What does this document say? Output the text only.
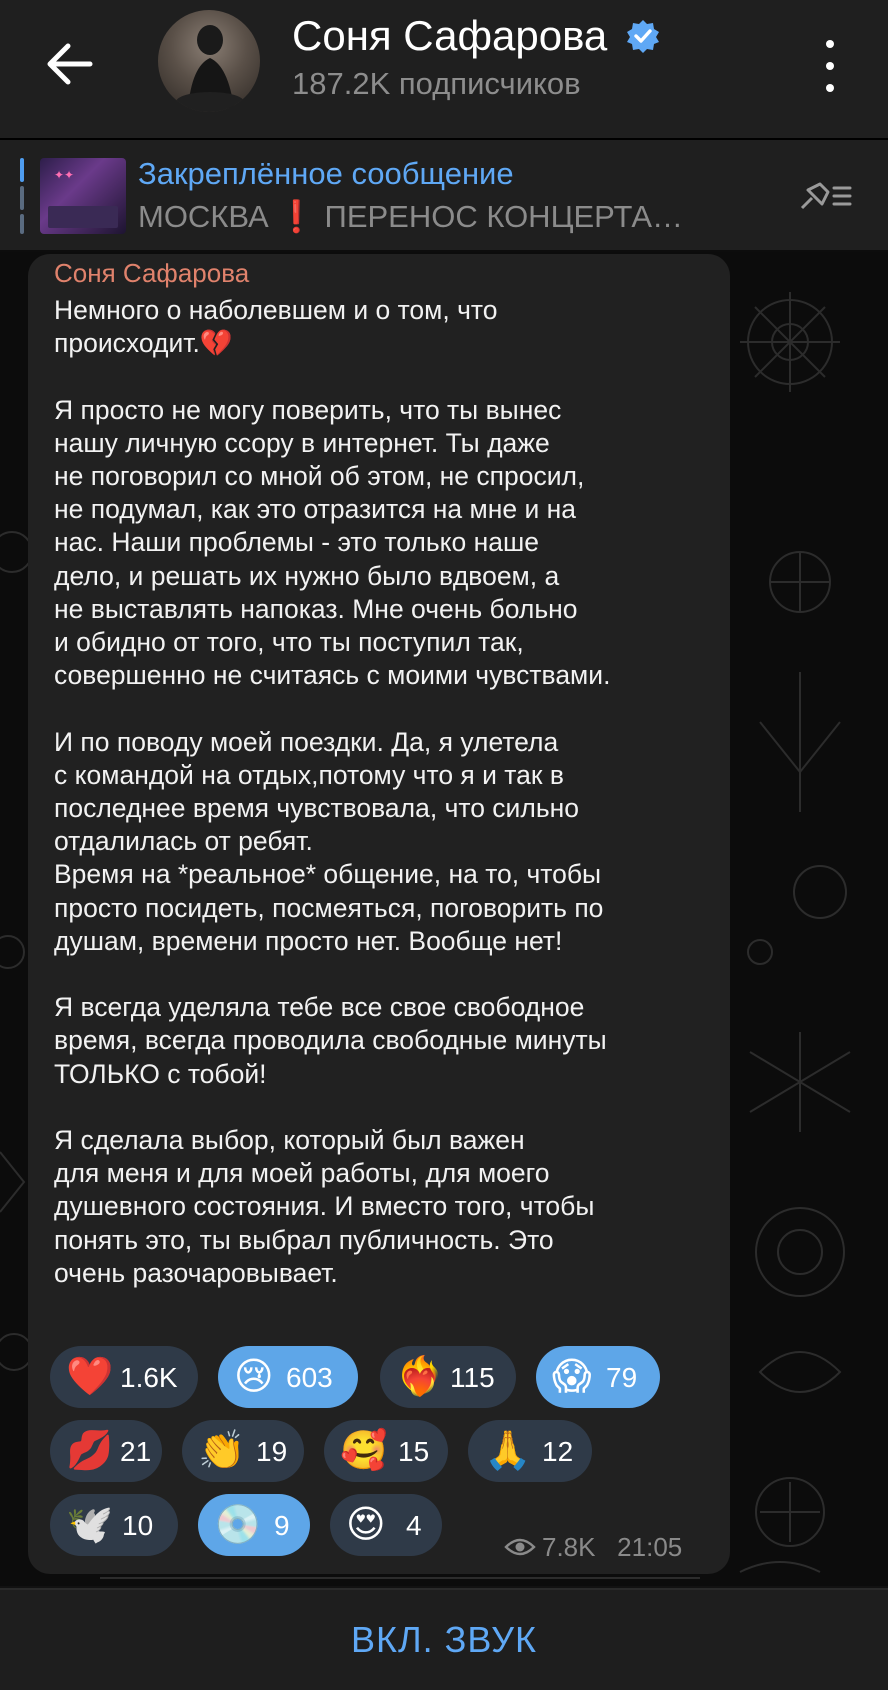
Соня Сафарова
187.2K подписчиков
✦✦ Закреплённое сообщение
МОСКВА ❗ ПЕРЕНОС КОНЦЕРТА…
Соня Сафарова
Немного о наболевшем и о том, что
происходит.💔

Я просто не могу поверить, что ты вынес
нашу личную ссору в интернет. Ты даже
не поговорил со мной об этом, не спросил,
не подумал, как это отразится на мне и на
нас. Наши проблемы - это только наше
дело, и решать их нужно было вдвоем, а
не выставлять напоказ. Мне очень больно
и обидно от того, что ты поступил так,
совершенно не считаясь с моими чувствами.

И по поводу моей поездки. Да, я улетела
с командой на отдых,потому что я и так в
последнее время чувствовала, что сильно
отдалилась от ребят.
Время на *реальное* общение, на то, чтобы
просто посидеть, посмеяться, поговорить по
душам, времени просто нет. Вообще нет!

Я всегда уделяла тебе все свое свободное
время, всегда проводила свободные минуты
ТОЛЬКО с тобой!

Я сделала выбор, который был важен
для меня и для моей работы, для моего
душевного состояния. И вместо того, чтобы
понять это, ты выбрал публичность. Это
очень разочаровывает.
❤️ 1.6K 😢 603 ❤️‍🔥 115 😱 79
💋 21 👏 19 🥰 15 🙏 12
🕊️ 10 💿 9 😍 4
7.8K 21:05
ВКЛ. ЗВУК
